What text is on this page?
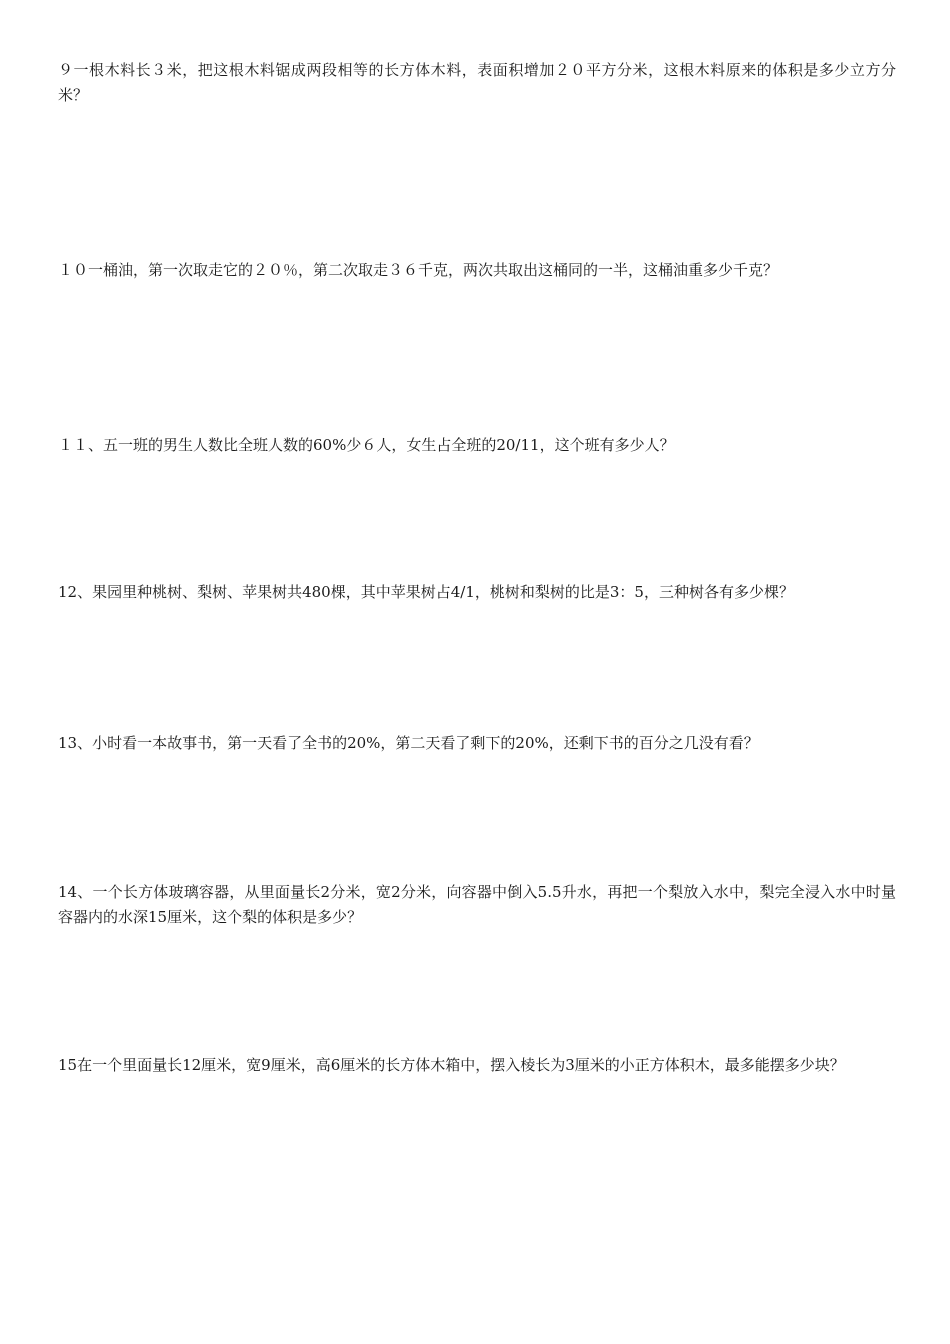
９一根木料长３米，把这根木料锯成两段相等的长方体木料，表面积增加２０平方分米，这根木料原来的体积是多少立方分米？

１０一桶油，第一次取走它的２０％，第二次取走３６千克，两次共取出这桶同的一半，这桶油重多少千克？

１１、五一班的男生人数比全班人数的60%少６人，女生占全班的20/11，这个班有多少人？

12、果园里种桃树、梨树、苹果树共480棵，其中苹果树占4/1，桃树和梨树的比是3：5，三种树各有多少棵？

13、小时看一本故事书，第一天看了全书的20%，第二天看了剩下的20%，还剩下书的百分之几没有看？

14、一个长方体玻璃容器，从里面量长2分米，宽2分米，向容器中倒入5.5升水，再把一个梨放入水中，梨完全浸入水中时量容器内的水深15厘米，这个梨的体积是多少？

15在一个里面量长12厘米，宽9厘米，高6厘米的长方体木箱中，摆入棱长为3厘米的小正方体积木，最多能摆多少块？
